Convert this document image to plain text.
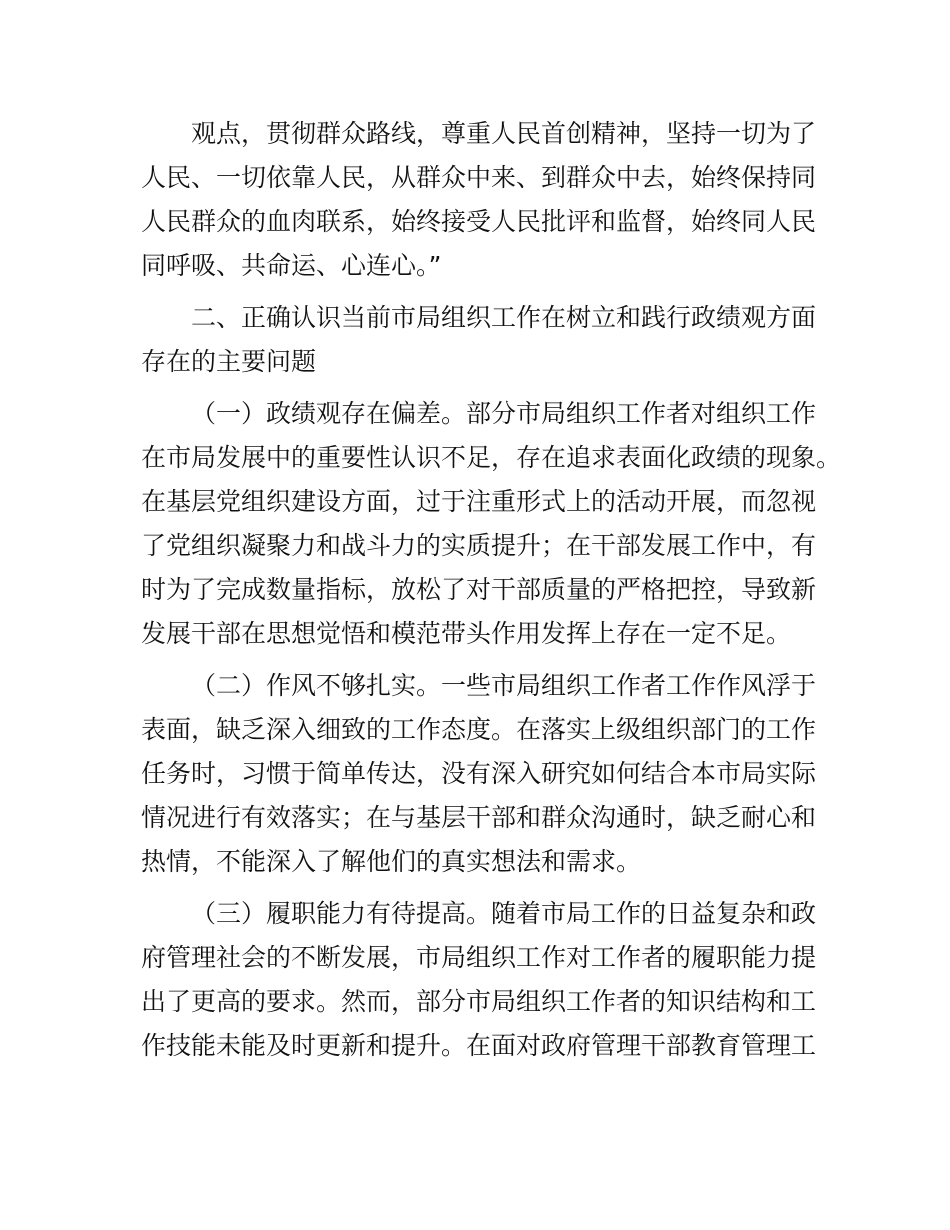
观点，贯彻群众路线，尊重人民首创精神，坚持一切为了
人民、一切依靠人民，从群众中来、到群众中去，始终保持同
人民群众的血肉联系，始终接受人民批评和监督，始终同人民
同呼吸、共命运、心连心。”

二、正确认识当前市局组织工作在树立和践行政绩观方面
存在的主要问题

（一）政绩观存在偏差。部分市局组织工作者对组织工作
在市局发展中的重要性认识不足，存在追求表面化政绩的现象。
在基层党组织建设方面，过于注重形式上的活动开展，而忽视
了党组织凝聚力和战斗力的实质提升；在干部发展工作中，有
时为了完成数量指标，放松了对干部质量的严格把控，导致新
发展干部在思想觉悟和模范带头作用发挥上存在一定不足。

（二）作风不够扎实。一些市局组织工作者工作作风浮于
表面，缺乏深入细致的工作态度。在落实上级组织部门的工作
任务时，习惯于简单传达，没有深入研究如何结合本市局实际
情况进行有效落实；在与基层干部和群众沟通时，缺乏耐心和
热情，不能深入了解他们的真实想法和需求。

（三）履职能力有待提高。随着市局工作的日益复杂和政
府管理社会的不断发展，市局组织工作对工作者的履职能力提
出了更高的要求。然而，部分市局组织工作者的知识结构和工
作技能未能及时更新和提升。在面对政府管理干部教育管理工
